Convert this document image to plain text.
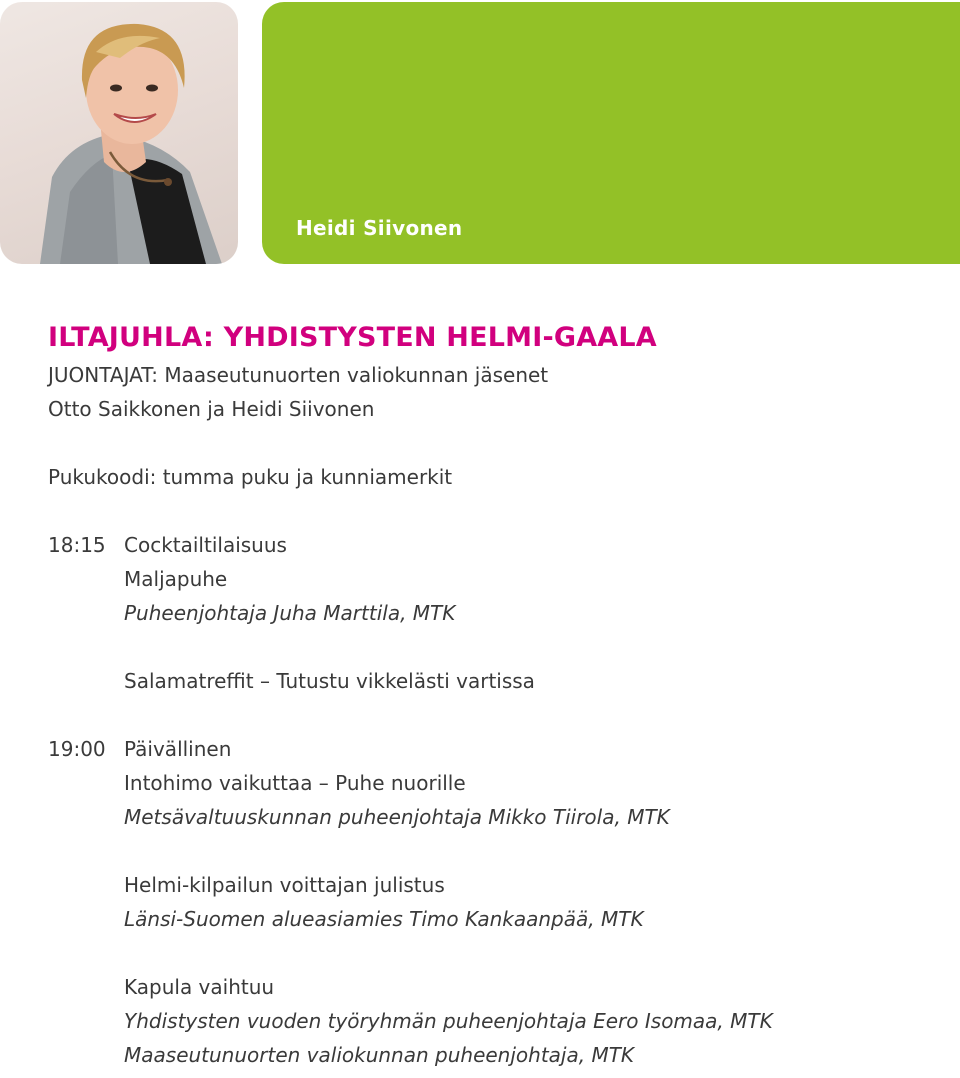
Heidi Siivonen
ILTAJUHLA: YHDISTYSTEN HELMI-GAALA
JUONTAJAT: Maaseutunuorten valiokunnan jäsenet
Otto Saikkonen ja Heidi Siivonen
Pukukoodi: tumma puku ja kunniamerkit
18:15 Cocktailtilaisuus
Maljapuhe
Puheenjohtaja Juha Marttila, MTK
Salamatreffit – Tutustu vikkelästi vartissa
19:00 Päivällinen
Intohimo vaikuttaa – Puhe nuorille
Metsävaltuuskunnan puheenjohtaja Mikko Tiirola, MTK
Helmi-kilpailun voittajan julistus
Länsi-Suomen alueasiamies Timo Kankaanpää, MTK
Kapula vaihtuu
Yhdistysten vuoden työryhmän puheenjohtaja Eero Isomaa, MTK
Maaseutunuorten valiokunnan puheenjohtaja, MTK
